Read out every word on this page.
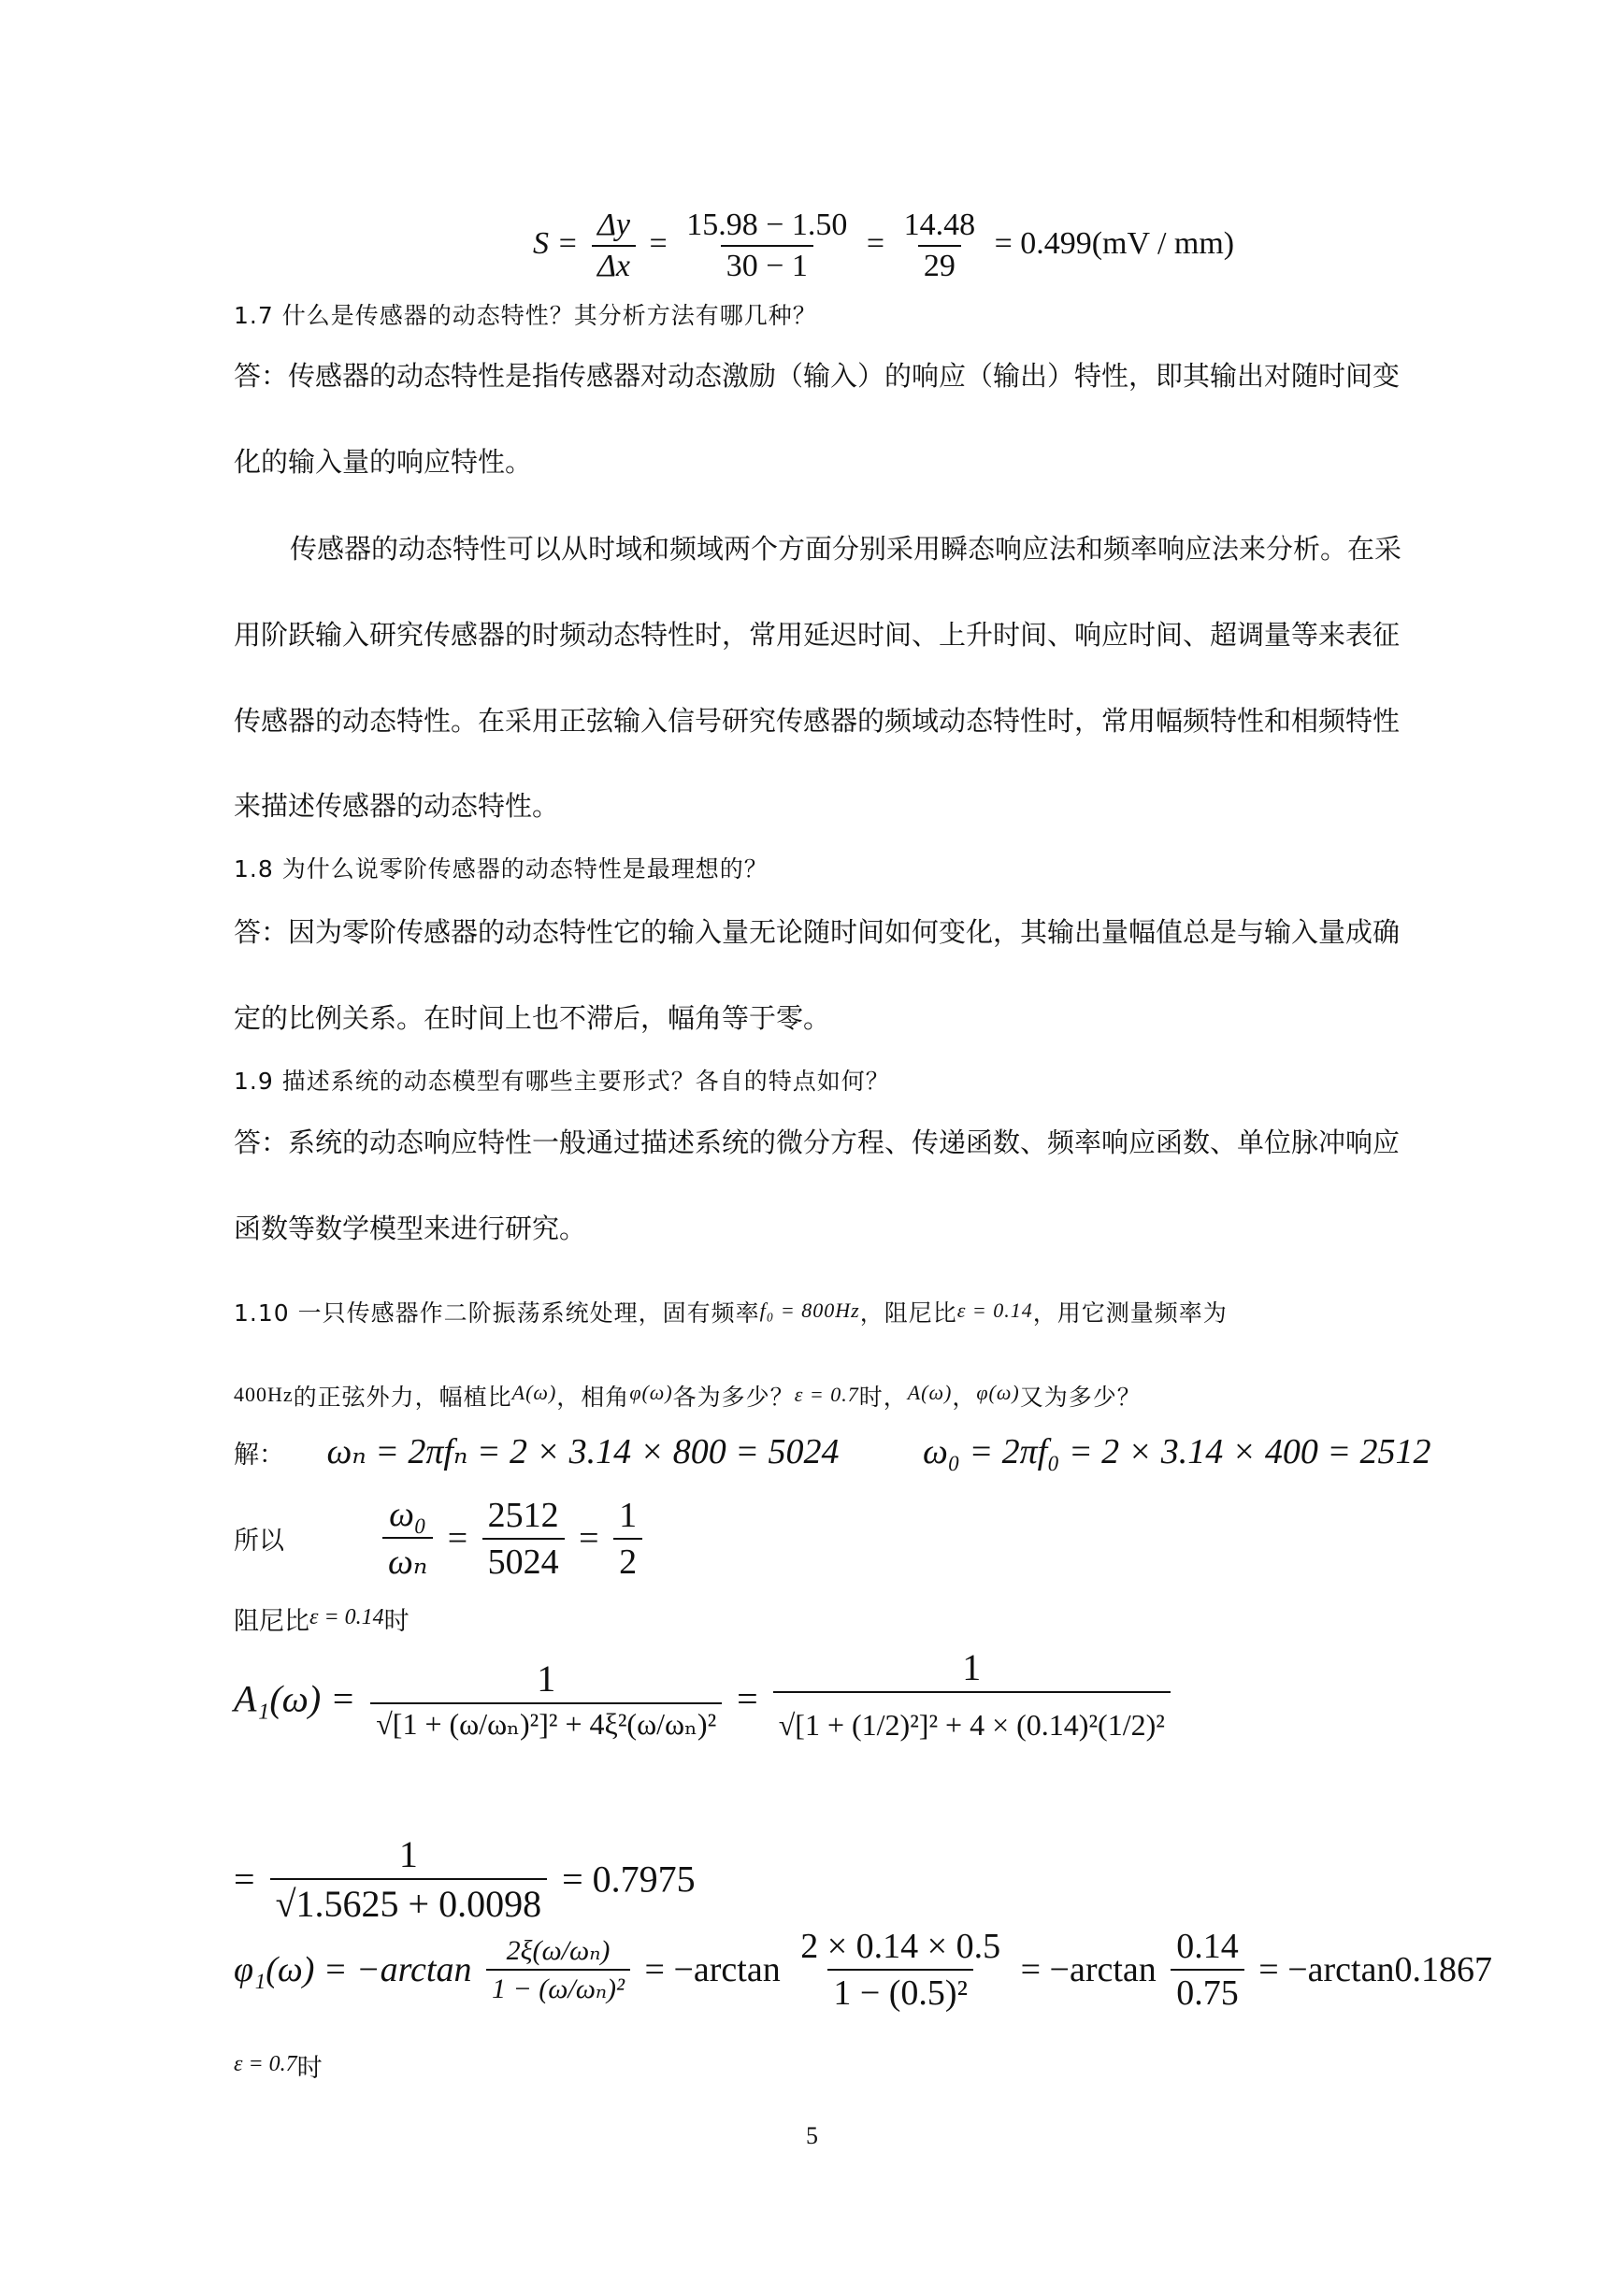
$S = \frac{\Delta y}{\Delta x} = \frac{15.98 - 1.50}{30 - 1} = \frac{14.48}{29} = 0.499(mV / mm)$
1.7 什么是传感器的动态特性？其分析方法有哪几种？
答：传感器的动态特性是指传感器对动态激励（输入）的响应（输出）特性，即其输出对随时间变
化的输入量的响应特性。
传感器的动态特性可以从时域和频域两个方面分别采用瞬态响应法和频率响应法来分析。在采
用阶跃输入研究传感器的时频动态特性时，常用延迟时间、上升时间、响应时间、超调量等来表征
传感器的动态特性。在采用正弦输入信号研究传感器的频域动态特性时，常用幅频特性和相频特性
来描述传感器的动态特性。
1.8 为什么说零阶传感器的动态特性是最理想的？
答：因为零阶传感器的动态特性它的输入量无论随时间如何变化，其输出量幅值总是与输入量成确
定的比例关系。在时间上也不滞后，幅角等于零。
1.9 描述系统的动态模型有哪些主要形式？各自的特点如何？
答：系统的动态响应特性一般通过描述系统的微分方程、传递函数、频率响应函数、单位脉冲响应
函数等数学模型来进行研究。
1.10 一只传感器作二阶振荡系统处理，固有频率f₀ = 800Hz，阻尼比ε = 0.14，用它测量频率为
400Hz的正弦外力，幅植比A(ω)，相角φ(ω)各为多少？ε = 0.7时，A(ω)，φ(ω)又为多少？
解： ωₙ = 2πfₙ = 2 × 3.14 × 800 = 5024 ω₀ = 2πf₀ = 2 × 3.14 × 400 = 2512
所以	$\frac{\text{ω₀}}{\text{ωₙ}} = \frac{2512}{5024} = \frac{1}{2}$
阻尼比ε = 0.14时
$A_1(\omega) = \frac{1}{\text{√[1 + (ω/ωₙ)²]² + 4ξ²(ω/ωₙ)²}} = \frac{1}{\text{√[1 + (1/2)²]² + 4 × (0.14)²(1/2)²}}$
= $\frac{1}{√1.5625 + 0.0098} = 0.7975$
$\varphi_1(\omega) = -\arctan \frac{\text{2ξ(ω/ωₙ)}}{\text{1 − (ω/ωₙ)²}} = -\arctan \frac{2 \times 0.14 \times 0.5}{\text{1 − (0.5)²}} = -\arctan \frac{0.14}{0.75} = -\arctan 0.1867$
ε = 0.7时
5
